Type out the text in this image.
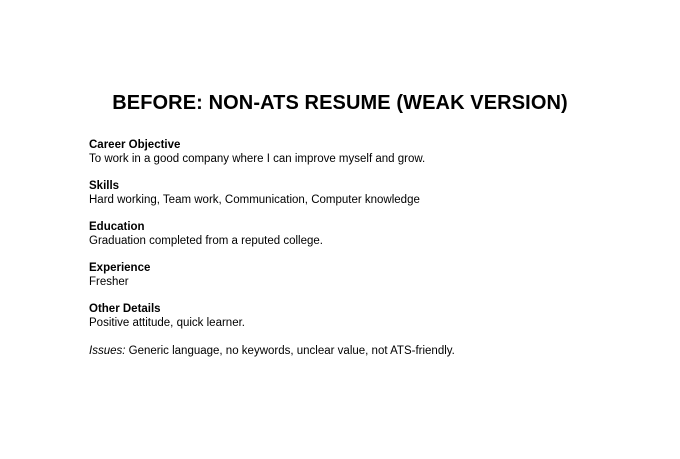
BEFORE: NON-ATS RESUME (WEAK VERSION)
Career Objective
To work in a good company where I can improve myself and grow.
Skills
Hard working, Team work, Communication, Computer knowledge
Education
Graduation completed from a reputed college.
Experience
Fresher
Other Details
Positive attitude, quick learner.
Issues: Generic language, no keywords, unclear value, not ATS-friendly.
